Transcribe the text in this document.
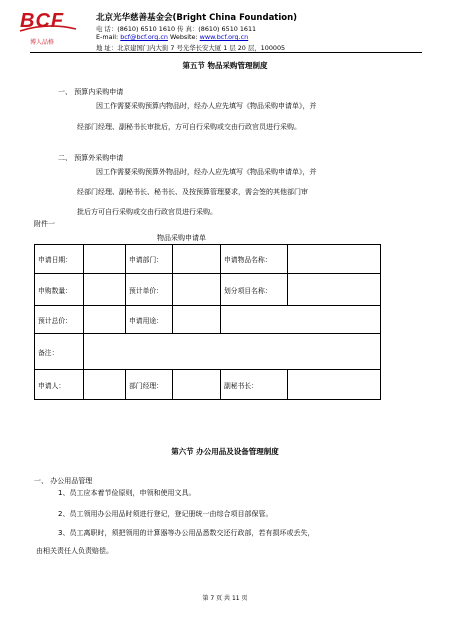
BCF
博人品格
北京光华慈善基金会(Bright China Foundation)
电 话：(8610) 6510 1610 传 真：(8610) 6510 1611
E-mail: bcf@bcf.org.cn Website: www.bcf.org.cn
地 址：北京建国门内大街 7 号光华长安大厦 1 层 20 层，100005
第五节 物品采购管理制度
一、 预算内采购申请
因工作需要采购预算内物品时，经办人应先填写《物品采购申请单》，并
经部门经理、副秘书长审批后，方可自行采购或交由行政官员进行采购。
二、 预算外采购申请
因工作需要采购预算外物品时，经办人应先填写《物品采购申请单》，并
经部门经理、副秘书长、秘书长、及按预算管理要求，需会签的其他部门审
批后方可自行采购或交由行政官员进行采购。
附件一
物品采购申请单
申请日期：		申请部门：		申请物品名称：	
申购数量：		预计单价：		划分项目名称：	
预计总价：		申请用途：			
备注：					
申请人：		部门经理：		副秘书长：	
第六节 办公用品及设备管理制度
一、 办公用品管理
1、员工应本着节俭原则，申领和使用文具。
2、员工领用办公用品时须进行登记，登记册统一由综合项目部保管。
3、员工离职时，须把领用的计算器等办公用品悉数交还行政部，若有损坏或丢失，
由相关责任人负责赔偿。
第 7 页 共 11 页
